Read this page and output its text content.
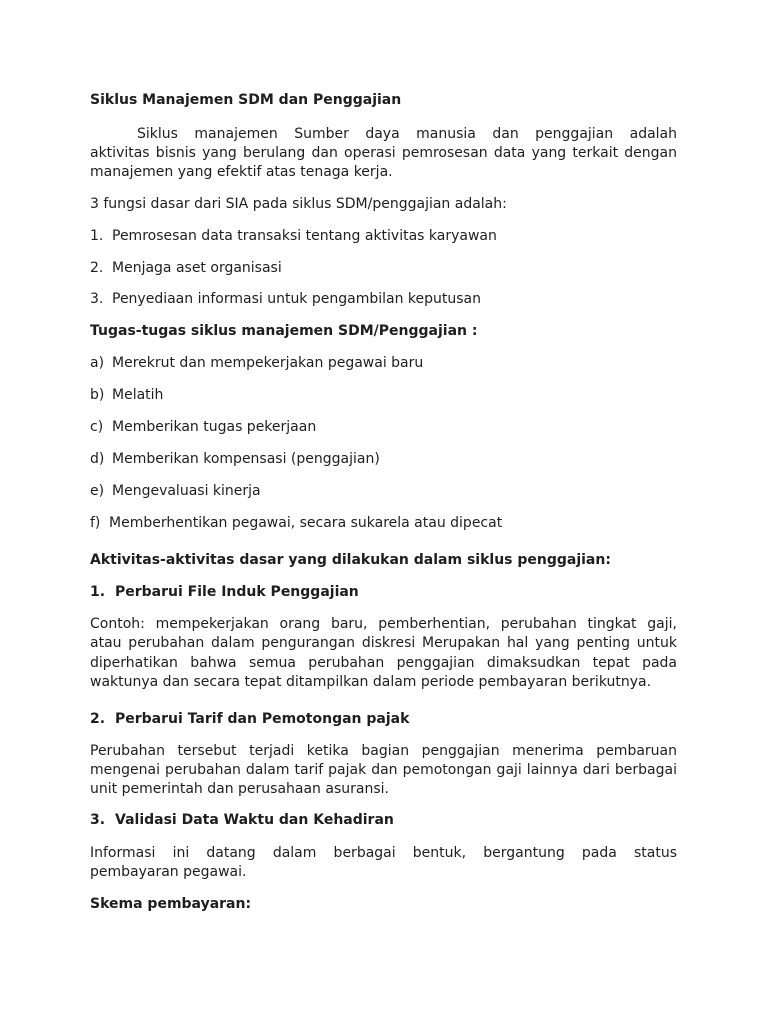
Siklus Manajemen SDM dan Penggajian
Siklus manajemen Sumber daya manusia dan penggajian adalah
aktivitas bisnis yang berulang dan operasi pemrosesan data yang terkait dengan
manajemen yang efektif atas tenaga kerja.
3 fungsi dasar dari SIA pada siklus SDM/penggajian adalah:
1. Pemrosesan data transaksi tentang aktivitas karyawan
2. Menjaga aset organisasi
3. Penyediaan informasi untuk pengambilan keputusan
Tugas-tugas siklus manajemen SDM/Penggajian :
a) Merekrut dan mempekerjakan pegawai baru
b) Melatih
c) Memberikan tugas pekerjaan
d) Memberikan kompensasi (penggajian)
e) Mengevaluasi kinerja
f) Memberhentikan pegawai, secara sukarela atau dipecat
Aktivitas-aktivitas dasar yang dilakukan dalam siklus penggajian:
1. Perbarui File Induk Penggajian
Contoh: mempekerjakan orang baru, pemberhentian, perubahan tingkat gaji,
atau perubahan dalam pengurangan diskresi Merupakan hal yang penting untuk
diperhatikan bahwa semua perubahan penggajian dimaksudkan tepat pada
waktunya dan secara tepat ditampilkan dalam periode pembayaran berikutnya.
2. Perbarui Tarif dan Pemotongan pajak
Perubahan tersebut terjadi ketika bagian penggajian menerima pembaruan
mengenai perubahan dalam tarif pajak dan pemotongan gaji lainnya dari berbagai
unit pemerintah dan perusahaan asuransi.
3. Validasi Data Waktu dan Kehadiran
Informasi ini datang dalam berbagai bentuk, bergantung pada status
pembayaran pegawai.
Skema pembayaran:
